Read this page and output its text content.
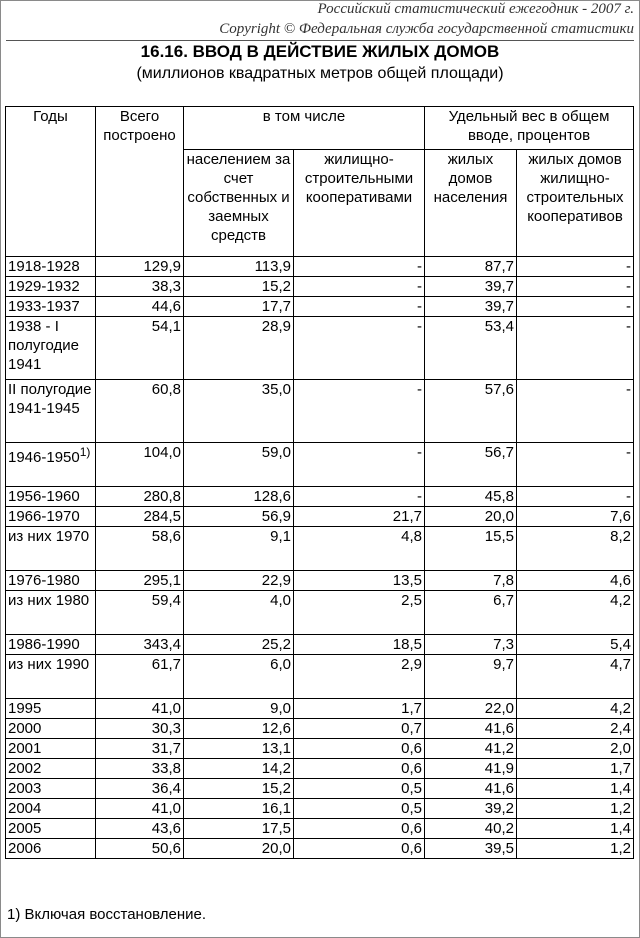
Российский статистический ежегодник - 2007 г.
Copyright © Федеральная служба государственной статистики
16.16. ВВОД В ДЕЙСТВИЕ ЖИЛЫХ ДОМОВ
(миллионов квадратных метров общей площади)
Годы	Всего построено	в том числе		Удельный вес в общем вводе, процентов	
		населением за счет собственных и заемных средств	жилищно-строительными кооперативами	жилых домов населения	жилых домов жилищно-строительных кооперативов
1918-1928	129,9	113,9	-	87,7	-
1929-1932	38,3	15,2	-	39,7	-
1933-1937	44,6	17,7	-	39,7	-
1938 - I полугодие 1941	54,1	28,9	-	53,4	-
II полугодие 1941-1945	60,8	35,0	-	57,6	-
1946-1950$^{1)}$	104,0	59,0	-	56,7	-
1956-1960	280,8	128,6	-	45,8	-
1966-1970	284,5	56,9	21,7	20,0	7,6
из них 1970	58,6	9,1	4,8	15,5	8,2
1976-1980	295,1	22,9	13,5	7,8	4,6
из них 1980	59,4	4,0	2,5	6,7	4,2
1986-1990	343,4	25,2	18,5	7,3	5,4
из них 1990	61,7	6,0	2,9	9,7	4,7
1995	41,0	9,0	1,7	22,0	4,2
2000	30,3	12,6	0,7	41,6	2,4
2001	31,7	13,1	0,6	41,2	2,0
2002	33,8	14,2	0,6	41,9	1,7
2003	36,4	15,2	0,5	41,6	1,4
2004	41,0	16,1	0,5	39,2	1,2
2005	43,6	17,5	0,6	40,2	1,4
2006	50,6	20,0	0,6	39,5	1,2
1) Включая восстановление.
